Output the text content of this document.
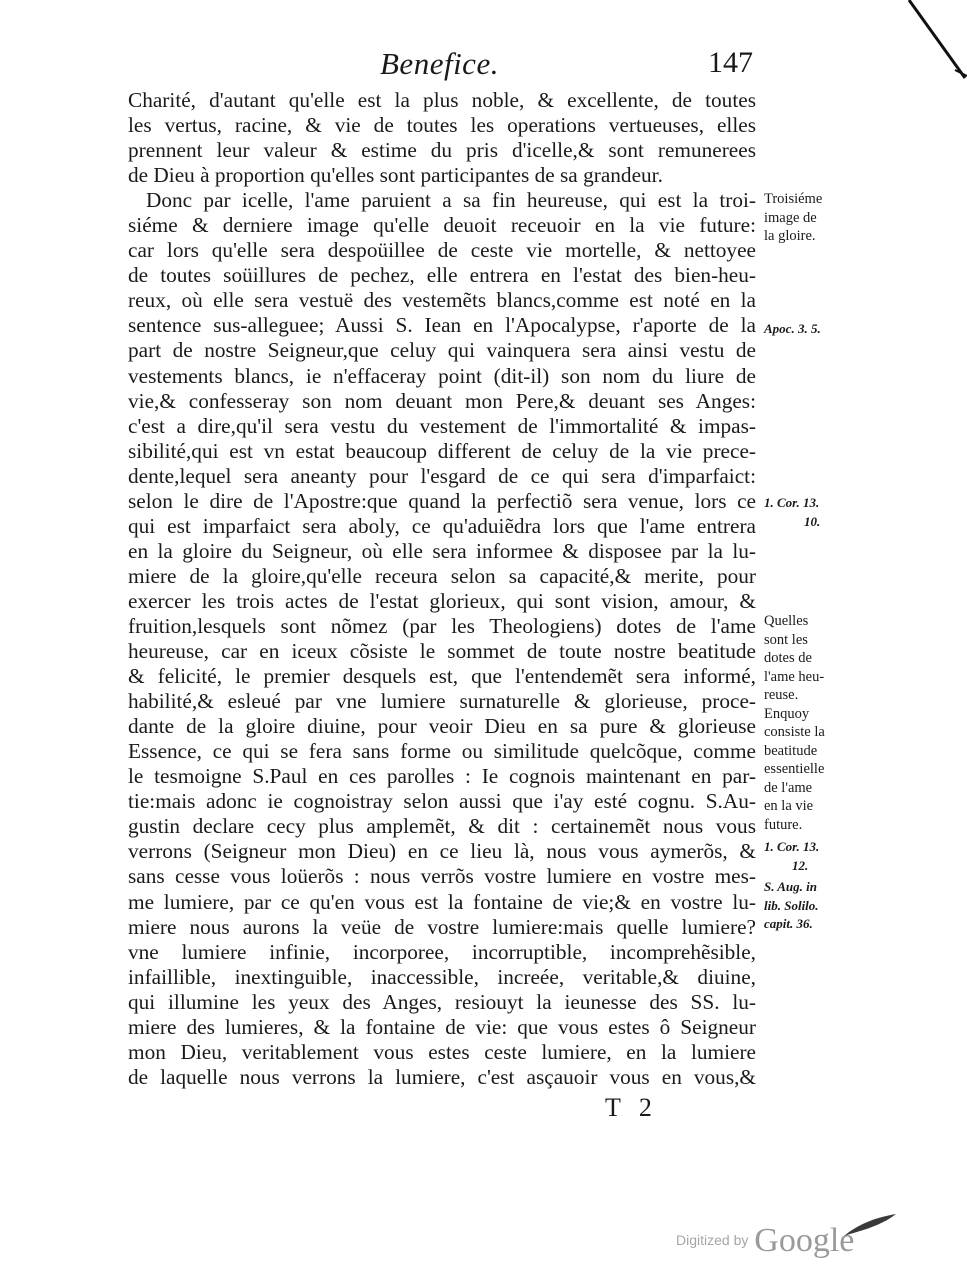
Benefice.	147
Charité, d'autant qu'elle est la plus noble, & excellente, de toutes
les vertus, racine, & vie de toutes les operations vertueuses, elles
prennent leur valeur & estime du pris d'icelle,& sont remunerees
de Dieu à proportion qu'elles sont participantes de sa grandeur.
Donc par icelle, l'ame paruient a sa fin heureuse, qui est la troi-
siéme & derniere image qu'elle deuoit receuoir en la vie future:
car lors qu'elle sera despoüillee de ceste vie mortelle, & nettoyee
de toutes soüillures de pechez, elle entrera en l'estat des bien-heu-
reux, où elle sera vestuë des vestemẽts blancs,comme est noté en la
sentence sus-alleguee; Aussi S. Iean en l'Apocalypse, r'aporte de la
part de nostre Seigneur,que celuy qui vainquera sera ainsi vestu de
vestements blancs, ie n'effaceray point (dit-il) son nom du liure de
vie,& confesseray son nom deuant mon Pere,& deuant ses Anges:
c'est a dire,qu'il sera vestu du vestement de l'immortalité & impas-
sibilité,qui est vn estat beaucoup different de celuy de la vie prece-
dente,lequel sera aneanty pour l'esgard de ce qui sera d'imparfaict:
selon le dire de l'Apostre:que quand la perfectiõ sera venue, lors ce
qui est imparfaict sera aboly, ce qu'aduiẽdra lors que l'ame entrera
en la gloire du Seigneur, où elle sera informee & disposee par la lu-
miere de la gloire,qu'elle receura selon sa capacité,& merite, pour
exercer les trois actes de l'estat glorieux, qui sont vision, amour, &
fruition,lesquels sont nõmez (par les Theologiens) dotes de l'ame
heureuse, car en iceux cõsiste le sommet de toute nostre beatitude
& felicité, le premier desquels est, que l'entendemẽt sera informé,
habilité,& esleué par vne lumiere surnaturelle & glorieuse, proce-
dante de la gloire diuine, pour veoir Dieu en sa pure & glorieuse
Essence, ce qui se fera sans forme ou similitude quelcõque, comme
le tesmoigne S.Paul en ces parolles : Ie cognois maintenant en par-
tie:mais adonc ie cognoistray selon aussi que i'ay esté cognu. S.Au-
gustin declare cecy plus amplemẽt, & dit : certainemẽt nous vous
verrons (Seigneur mon Dieu) en ce lieu là, nous vous aymerõs, &
sans cesse vous loüerõs : nous verrõs vostre lumiere en vostre mes-
me lumiere, par ce qu'en vous est la fontaine de vie;& en vostre lu-
miere nous aurons la veüe de vostre lumiere:mais quelle lumiere?
vne lumiere infinie, incorporee, incorruptible, incomprehẽsible,
infaillible, inextinguible, inaccessible, increée, veritable,& diuine,
qui illumine les yeux des Anges, resiouyt la ieunesse des SS. lu-
miere des lumieres, & la fontaine de vie: que vous estes ô Seigneur
mon Dieu, veritablement vous estes ceste lumiere, en la lumiere
de laquelle nous verrons la lumiere, c'est asçauoir vous en vous,&
Troisiéme
image de
la gloire.
Apoc. 3. 5.
1. Cor. 13.
10.
Quelles
sont les
dotes de
l'ame heu-
reuse.
Enquoy
consiste la
beatitude
essentielle
de l'ame
en la vie
future.
1. Cor. 13.
12.
S. Aug. in
lib. Solilo.
capit. 36.
T 2
Digitized by Google
